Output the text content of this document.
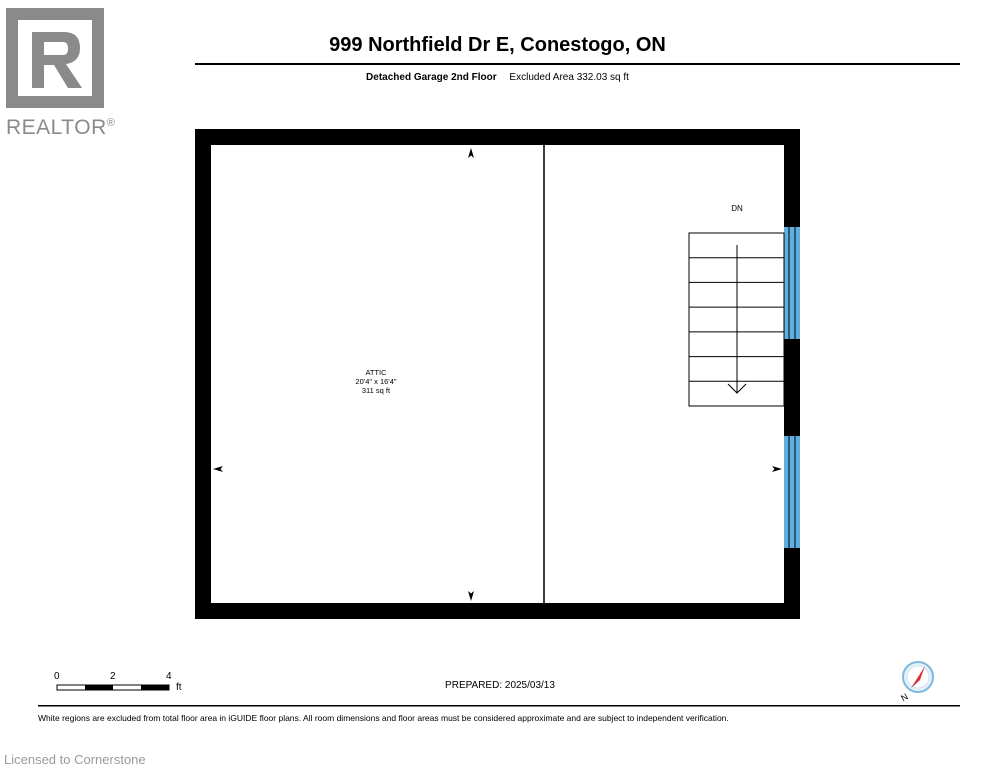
REALTOR®
999 Northfield Dr E, Conestogo, ON
Detached Garage 2nd Floor Excluded Area 332.03 sq ft
DN
ATTIC
20'4" x 16'4"
311 sq ft
N
0	2	4
ft	PREPARED: 2025/03/13
White regions are excluded from total floor area in iGUIDE floor plans. All room dimensions and floor areas must be considered approximate and are subject to independent verification.
Licensed to Cornerstone
